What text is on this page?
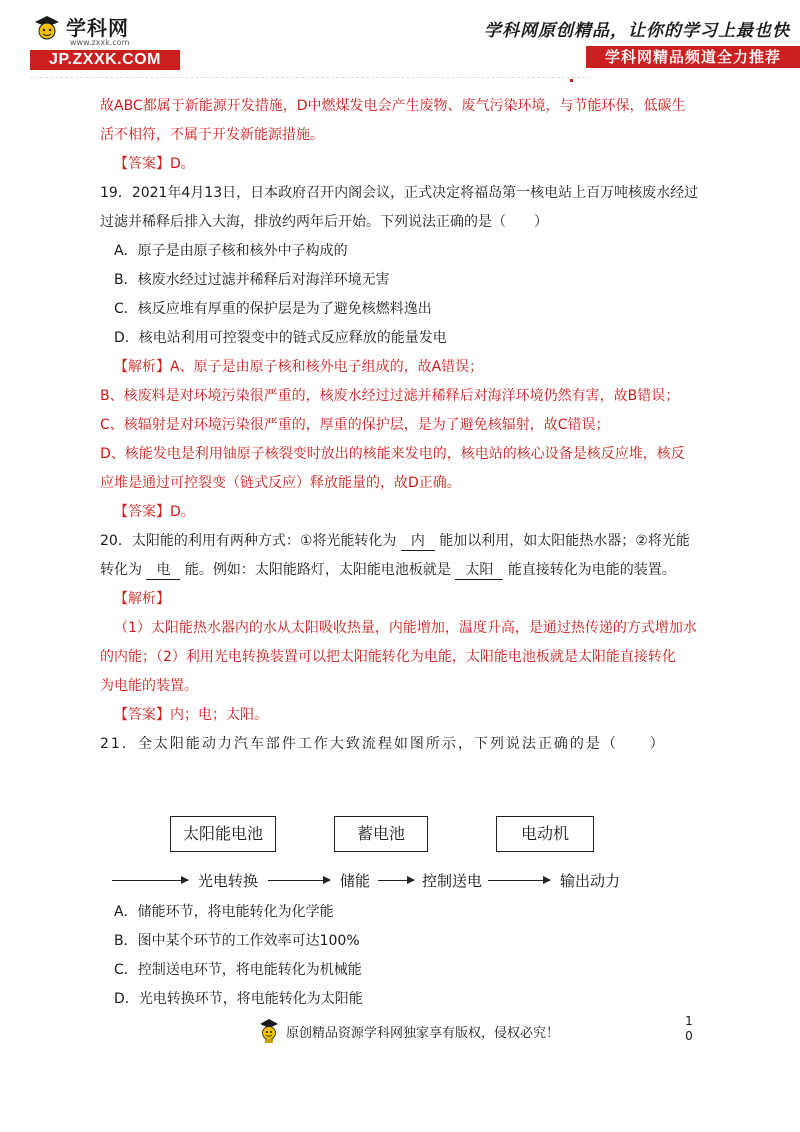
学科网
www.zxxk.com
JP.ZXXK.COM
学科网原创精品，让你的学习上最也快
学科网精品频道全力推荐
故ABC都属于新能源开发措施，D中燃煤发电会产生废物、废气污染环境，与节能环保，低碳生
活不相符，不属于开发新能源措施。
【答案】D。
19．2021年4月13日，日本政府召开内阁会议，正式决定将福岛第一核电站上百万吨核废水经过
过滤并稀释后排入大海，排放约两年后开始。下列说法正确的是（　　）
A．原子是由原子核和核外中子构成的
B．核废水经过过滤并稀释后对海洋环境无害
C．核反应堆有厚重的保护层是为了避免核燃料逸出
D．核电站利用可控裂变中的链式反应释放的能量发电
【解析】A、原子是由原子核和核外电子组成的，故A错误；
B、核废料是对环境污染很严重的，核废水经过过滤并稀释后对海洋环境仍然有害，故B错误；
C、核辐射是对环境污染很严重的，厚重的保护层，是为了避免核辐射，故C错误；
D、核能发电是利用铀原子核裂变时放出的核能来发电的，核电站的核心设备是核反应堆，核反
应堆是通过可控裂变（链式反应）释放能量的，故D正确。
【答案】D。
20．太阳能的利用有两种方式：①将光能转化为 内 能加以利用，如太阳能热水器；②将光能
转化为 电 能。例如：太阳能路灯，太阳能电池板就是 太阳 能直接转化为电能的装置。
【解析】
（1）太阳能热水器内的水从太阳吸收热量，内能增加，温度升高，是通过热传递的方式增加水
的内能；（2）利用光电转换装置可以把太阳能转化为电能，太阳能电池板就是太阳能直接转化
为电能的装置。
【答案】内；电；太阳。
21．全太阳能动力汽车部件工作大致流程如图所示，下列说法正确的是（　　）
太阳能电池	蓄电池	电动机
光电转换	储能	控制送电	输出动力
A．储能环节，将电能转化为化学能
B．图中某个环节的工作效率可达100%
C．控制送电环节，将电能转化为机械能
D．光电转换环节，将电能转化为太阳能
原创精品资源学科网独家享有版权，侵权必究！
1
0
